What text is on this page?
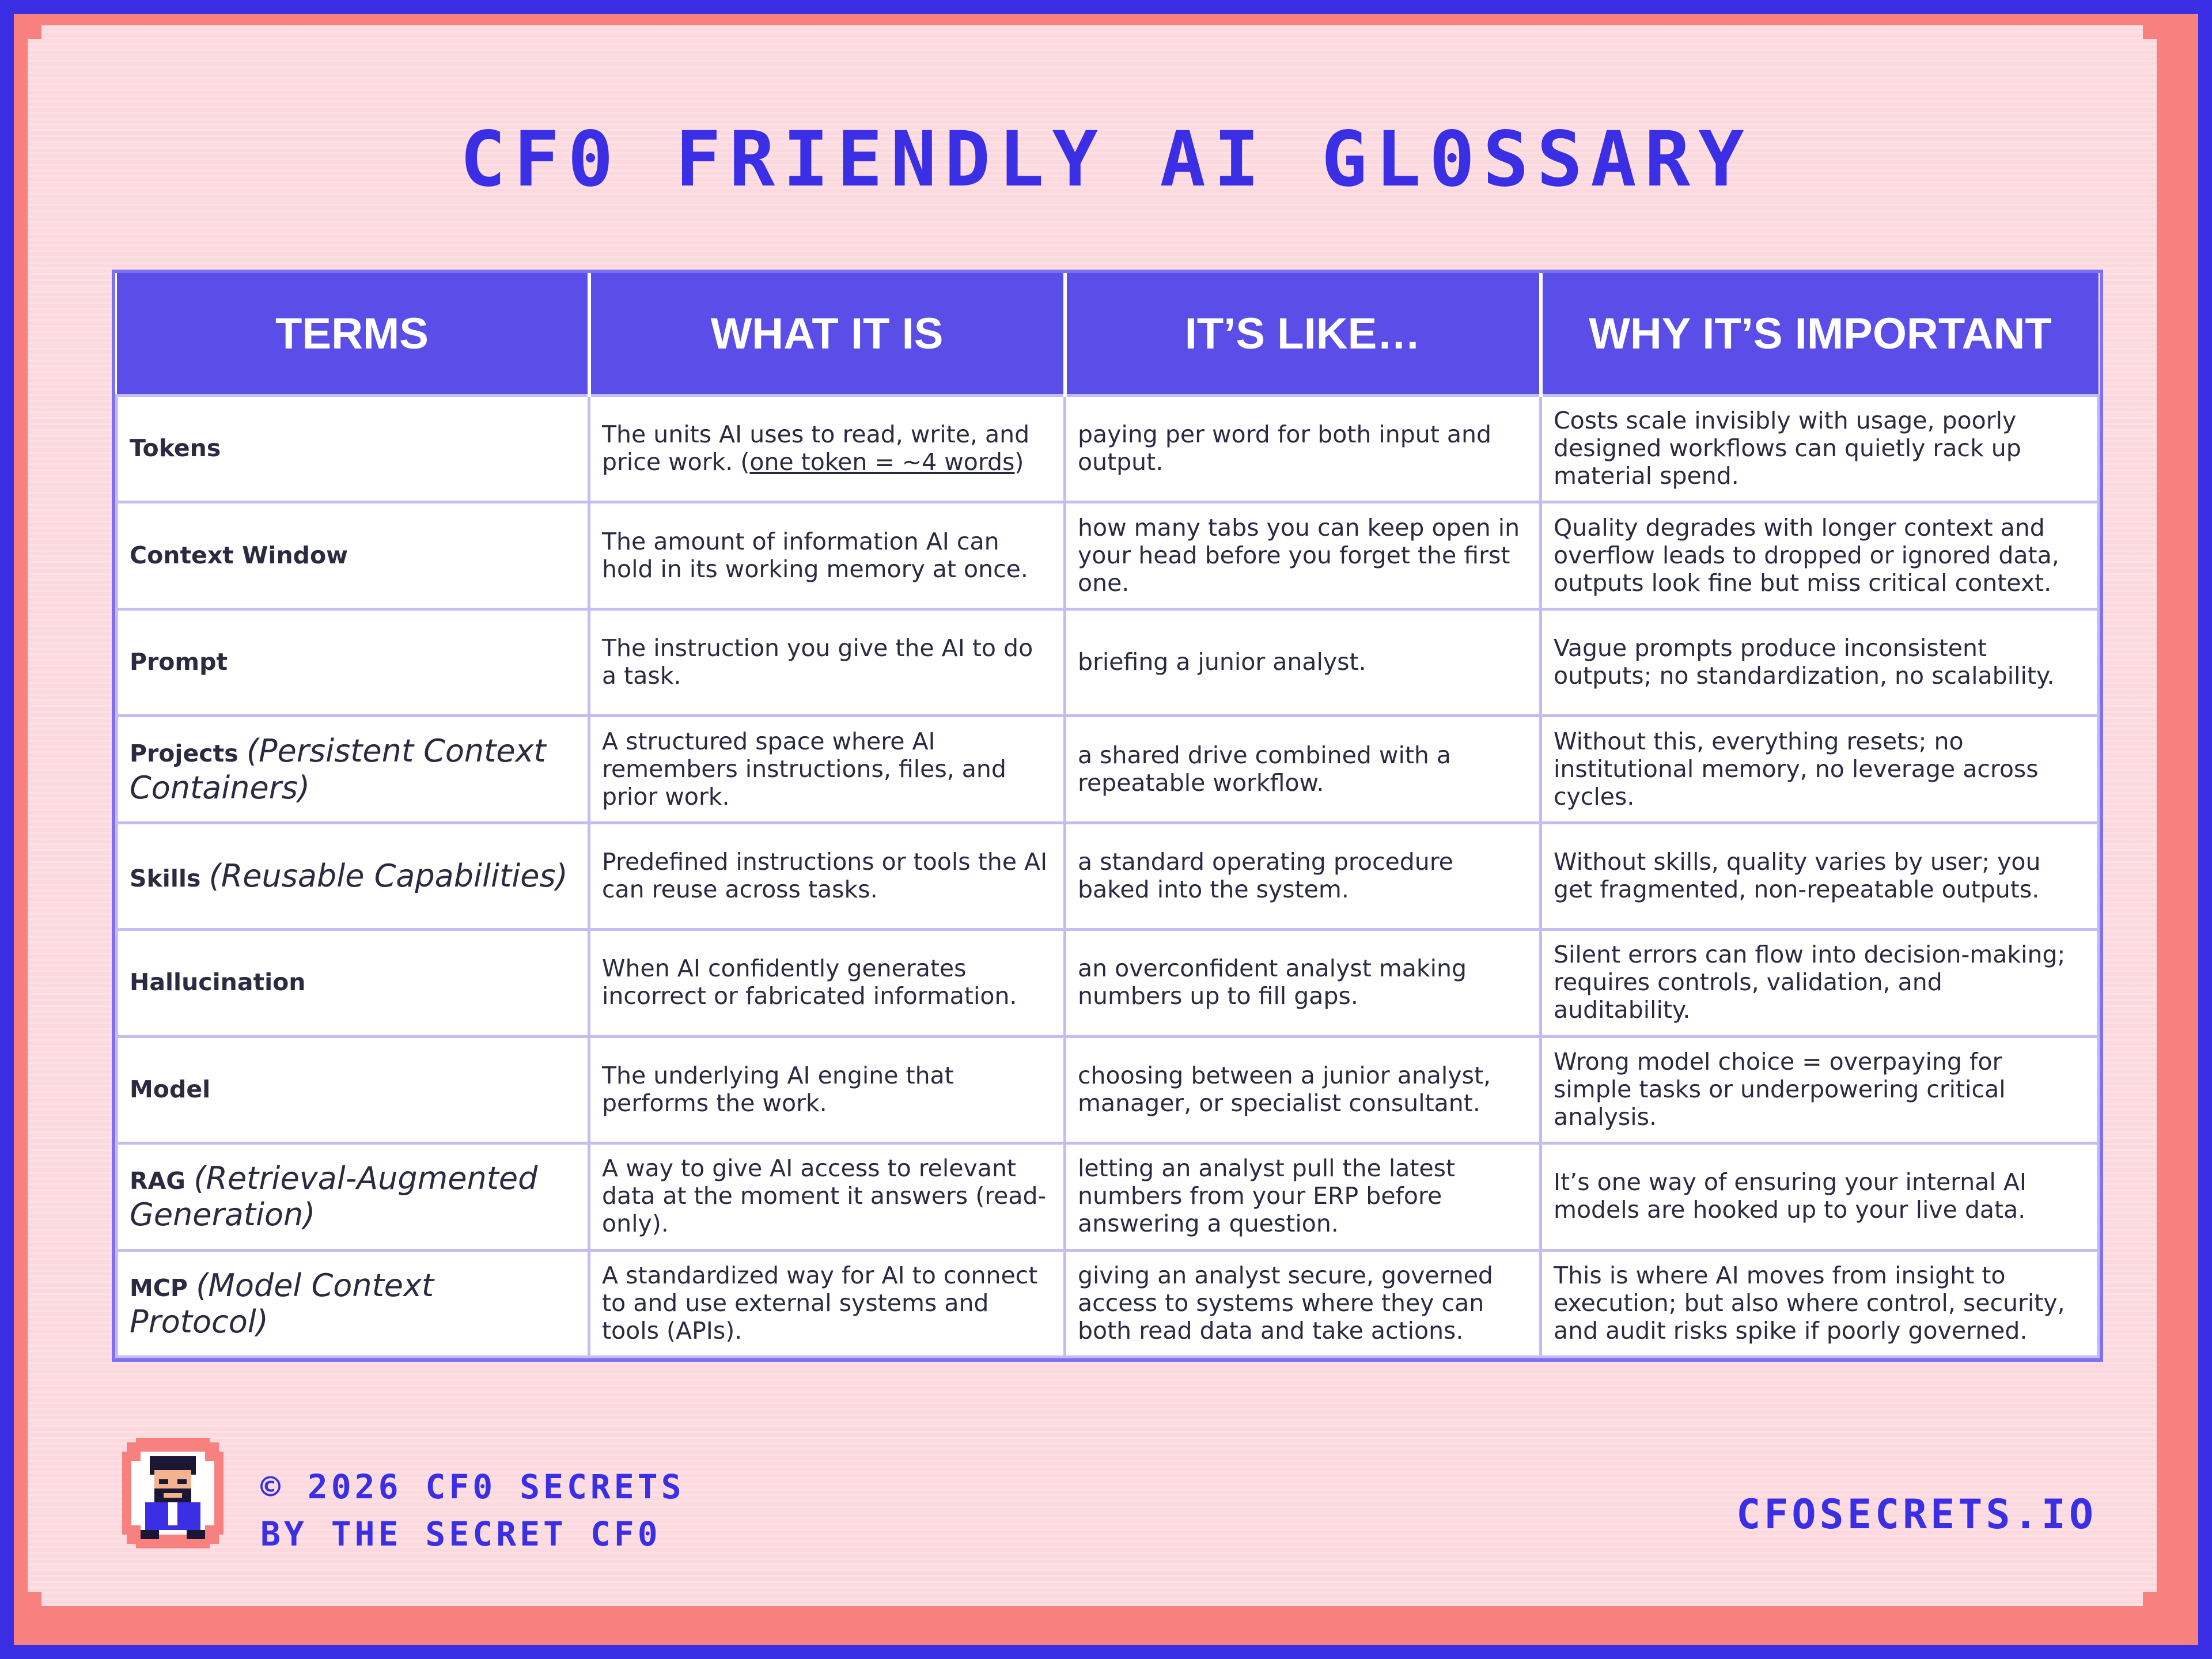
CF0 FRIENDLY AI GL0SSARY
TERMS	WHAT IT IS	IT’S LIKE…	WHY IT’S IMPORTANT
Tokens	The units AI uses to read, write, and price work. (one token = ~4 words)	paying per word for both input and output.	Costs scale invisibly with usage, poorly designed workflows can quietly rack up material spend.
Context Window	The amount of information AI can hold in its working memory at once.	how many tabs you can keep open in your head before you forget the first one.	Quality degrades with longer context and overflow leads to dropped or ignored data, outputs look fine but miss critical context.
Prompt	The instruction you give the AI to do a task.	briefing a junior analyst.	Vague prompts produce inconsistent outputs; no standardization, no scalability.
Projects (Persistent Context Containers)	A structured space where AI remembers instructions, files, and prior work.	a shared drive combined with a repeatable workflow.	Without this, everything resets; no institutional memory, no leverage across cycles.
Skills (Reusable Capabilities)	Predefined instructions or tools the AI can reuse across tasks.	a standard operating procedure baked into the system.	Without skills, quality varies by user; you get fragmented, non-repeatable outputs.
Hallucination	When AI confidently generates incorrect or fabricated information.	an overconfident analyst making numbers up to fill gaps.	Silent errors can flow into decision-making; requires controls, validation, and auditability.
Model	The underlying AI engine that performs the work.	choosing between a junior analyst, manager, or specialist consultant.	Wrong model choice = overpaying for simple tasks or underpowering critical analysis.
RAG (Retrieval-Augmented Generation)	A way to give AI access to relevant data at the moment it answers (read-only).	letting an analyst pull the latest numbers from your ERP before answering a question.	It’s one way of ensuring your internal AI models are hooked up to your live data.
MCP (Model Context Protocol)	A standardized way for AI to connect to and use external systems and tools (APIs).	giving an analyst secure, governed access to systems where they can both read data and take actions.	This is where AI moves from insight to execution; but also where control, security, and audit risks spike if poorly governed.
© 2026 CF0 SECRETS
BY THE SECRET CF0	CFOSECRETS.IO
